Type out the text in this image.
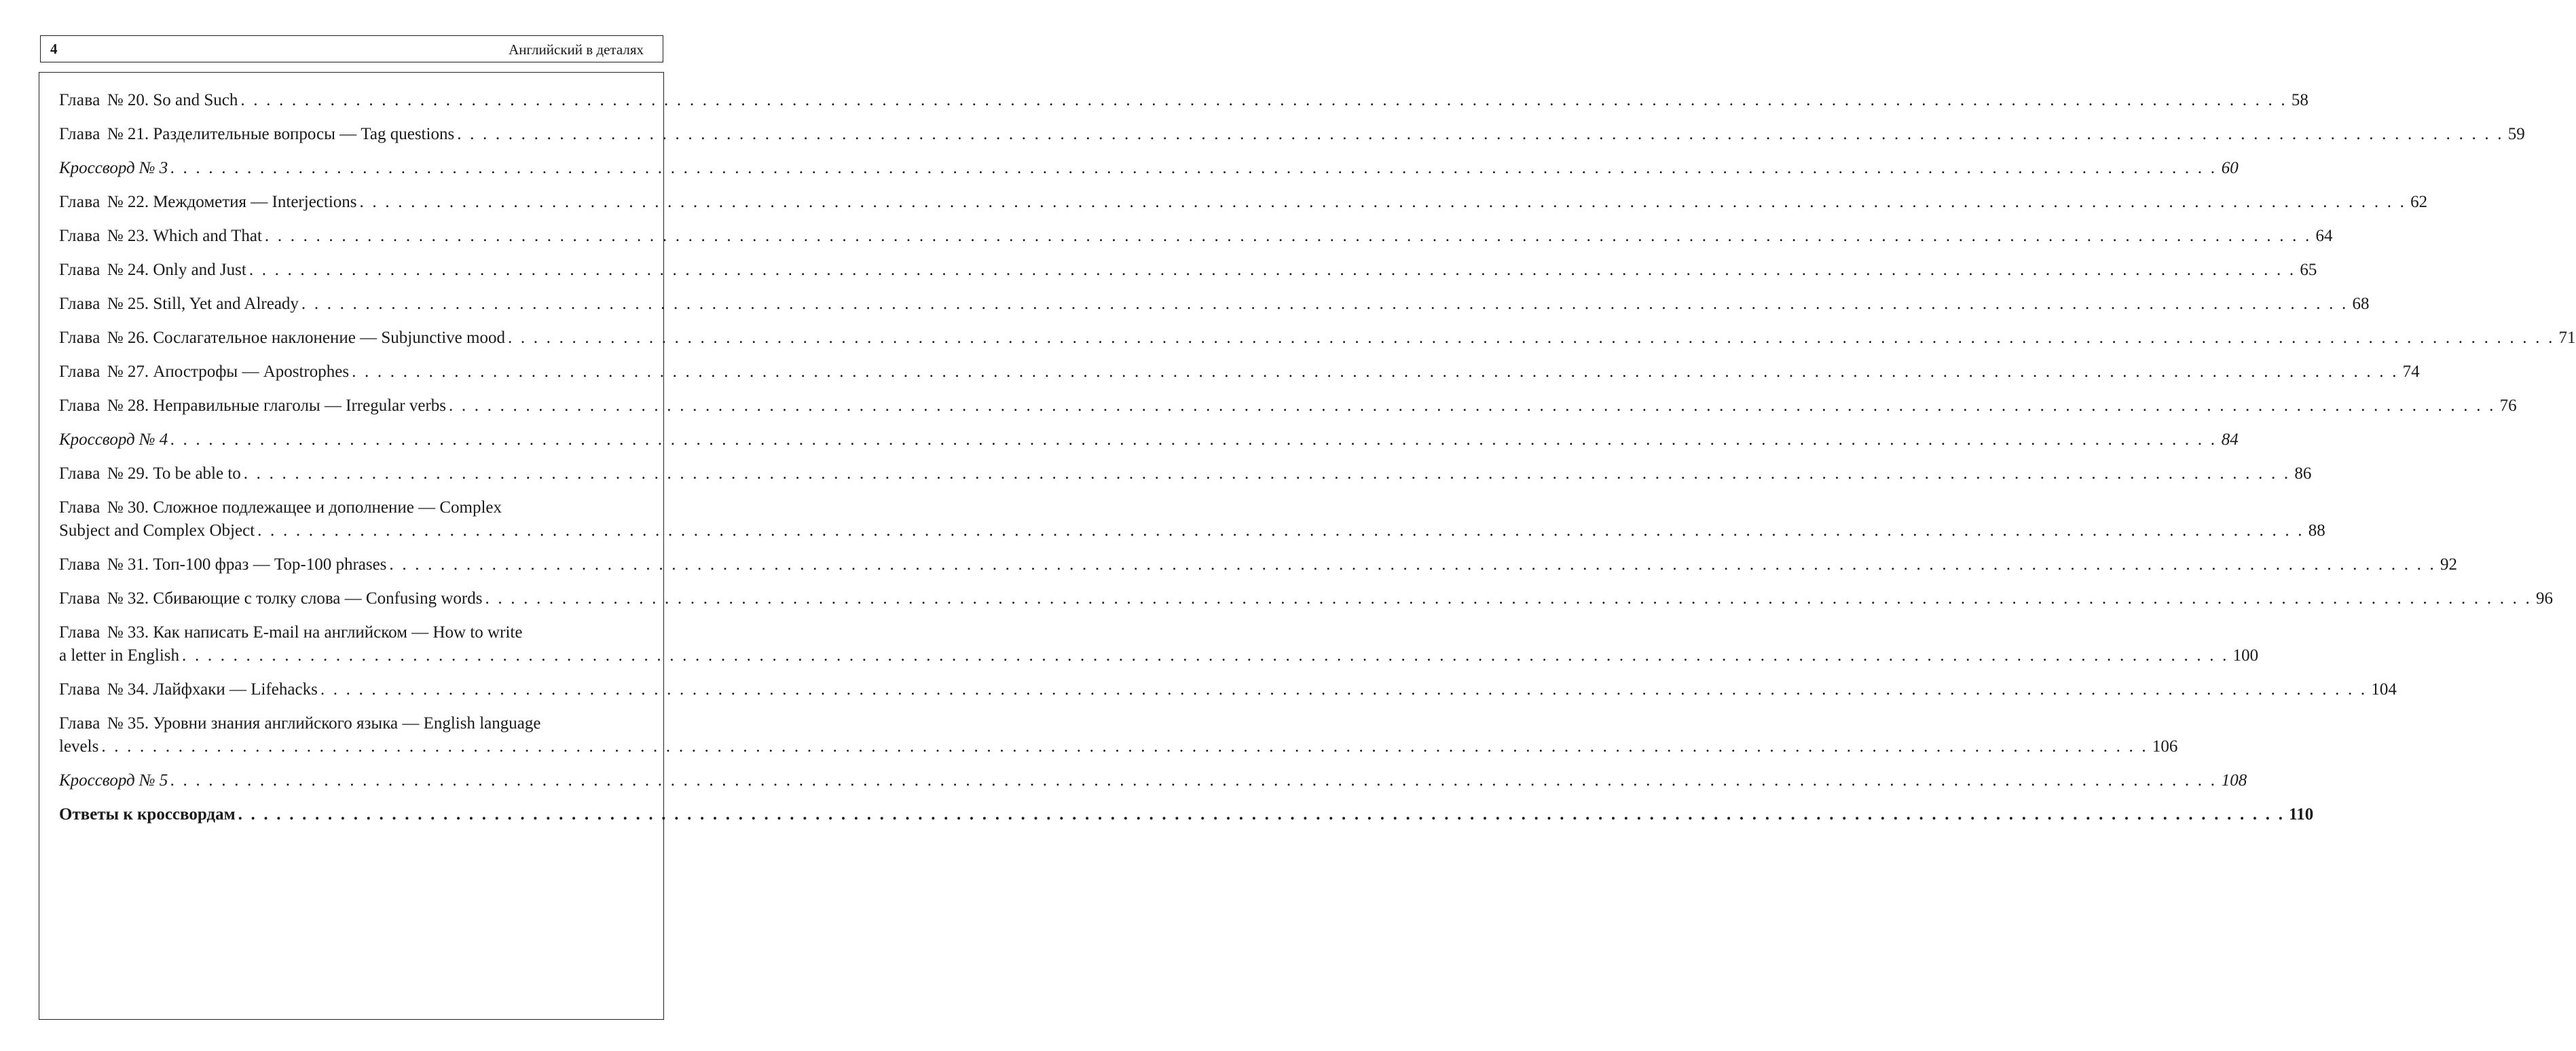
4	Английский в деталях
Глава № 20. So and Such . . . . . . . . . . . . . . . . . . . . . . . . . . . . . . . . . . . . . . . . . . . . . . . . . . . . . . . . . . . . . . . . . . . . . . . . . . . . . . . . . . . . . . . . . . . . . . . . . . . . . . . . . . . . . . . . . . . . . . . . . . . . . . . . . . . . . . . . . . . . . . . . . . . . . . . . . . . . . . . . 58
Глава № 21. Разделительные вопросы — Tag questions . . . . . . . . . . . . . . . . . . . . . . . . . . . . . . . . . . . . . . . . . . . . . . . . . . . . . . . . . . . . . . . . . . . . . . . . . . . . . . . . . . . . . . . . . . . . . . . . . . . . . . . . . . . . . . . . . . . . . . . . . . . . . . . . . . . . . . . . . . . . . . . . . . . . . . . . . . . . . . . . 59
Кроссворд № 3 . . . . . . . . . . . . . . . . . . . . . . . . . . . . . . . . . . . . . . . . . . . . . . . . . . . . . . . . . . . . . . . . . . . . . . . . . . . . . . . . . . . . . . . . . . . . . . . . . . . . . . . . . . . . . . . . . . . . . . . . . . . . . . . . . . . . . . . . . . . . . . . . . . . . . . . . . . . . . . . . 60
Глава № 22. Междометия — Interjections . . . . . . . . . . . . . . . . . . . . . . . . . . . . . . . . . . . . . . . . . . . . . . . . . . . . . . . . . . . . . . . . . . . . . . . . . . . . . . . . . . . . . . . . . . . . . . . . . . . . . . . . . . . . . . . . . . . . . . . . . . . . . . . . . . . . . . . . . . . . . . . . . . . . . . . . . . . . . . . . 62
Глава № 23. Which and That . . . . . . . . . . . . . . . . . . . . . . . . . . . . . . . . . . . . . . . . . . . . . . . . . . . . . . . . . . . . . . . . . . . . . . . . . . . . . . . . . . . . . . . . . . . . . . . . . . . . . . . . . . . . . . . . . . . . . . . . . . . . . . . . . . . . . . . . . . . . . . . . . . . . . . . . . . . . . . . . 64
Глава № 24. Only and Just . . . . . . . . . . . . . . . . . . . . . . . . . . . . . . . . . . . . . . . . . . . . . . . . . . . . . . . . . . . . . . . . . . . . . . . . . . . . . . . . . . . . . . . . . . . . . . . . . . . . . . . . . . . . . . . . . . . . . . . . . . . . . . . . . . . . . . . . . . . . . . . . . . . . . . . . . . . . . . . . 65
Глава № 25. Still, Yet and Already . . . . . . . . . . . . . . . . . . . . . . . . . . . . . . . . . . . . . . . . . . . . . . . . . . . . . . . . . . . . . . . . . . . . . . . . . . . . . . . . . . . . . . . . . . . . . . . . . . . . . . . . . . . . . . . . . . . . . . . . . . . . . . . . . . . . . . . . . . . . . . . . . . . . . . . . . . . . . . . . 68
Глава № 26. Сослагательное наклонение — Subjunctive mood . . . . . . . . . . . . . . . . . . . . . . . . . . . . . . . . . . . . . . . . . . . . . . . . . . . . . . . . . . . . . . . . . . . . . . . . . . . . . . . . . . . . . . . . . . . . . . . . . . . . . . . . . . . . . . . . . . . . . . . . . . . . . . . . . . . . . . . . . . . . . . . . . . . . . . . . . . . . . . . . 71
Глава № 27. Апострофы — Apostrophes . . . . . . . . . . . . . . . . . . . . . . . . . . . . . . . . . . . . . . . . . . . . . . . . . . . . . . . . . . . . . . . . . . . . . . . . . . . . . . . . . . . . . . . . . . . . . . . . . . . . . . . . . . . . . . . . . . . . . . . . . . . . . . . . . . . . . . . . . . . . . . . . . . . . . . . . . . . . . . . . 74
Глава № 28. Неправильные глаголы — Irregular verbs . . . . . . . . . . . . . . . . . . . . . . . . . . . . . . . . . . . . . . . . . . . . . . . . . . . . . . . . . . . . . . . . . . . . . . . . . . . . . . . . . . . . . . . . . . . . . . . . . . . . . . . . . . . . . . . . . . . . . . . . . . . . . . . . . . . . . . . . . . . . . . . . . . . . . . . . . . . . . . . . 76
Кроссворд № 4 . . . . . . . . . . . . . . . . . . . . . . . . . . . . . . . . . . . . . . . . . . . . . . . . . . . . . . . . . . . . . . . . . . . . . . . . . . . . . . . . . . . . . . . . . . . . . . . . . . . . . . . . . . . . . . . . . . . . . . . . . . . . . . . . . . . . . . . . . . . . . . . . . . . . . . . . . . . . . . . . 84
Глава № 29. To be able to . . . . . . . . . . . . . . . . . . . . . . . . . . . . . . . . . . . . . . . . . . . . . . . . . . . . . . . . . . . . . . . . . . . . . . . . . . . . . . . . . . . . . . . . . . . . . . . . . . . . . . . . . . . . . . . . . . . . . . . . . . . . . . . . . . . . . . . . . . . . . . . . . . . . . . . . . . . . . . . . 86
Глава № 30. Сложное подлежащее и дополнение — Complex
Subject and Complex Object . . . . . . . . . . . . . . . . . . . . . . . . . . . . . . . . . . . . . . . . . . . . . . . . . . . . . . . . . . . . . . . . . . . . . . . . . . . . . . . . . . . . . . . . . . . . . . . . . . . . . . . . . . . . . . . . . . . . . . . . . . . . . . . . . . . . . . . . . . . . . . . . . . . . . . . . . . . . . . . . 88
Глава № 31. Топ-100 фраз — Top-100 phrases . . . . . . . . . . . . . . . . . . . . . . . . . . . . . . . . . . . . . . . . . . . . . . . . . . . . . . . . . . . . . . . . . . . . . . . . . . . . . . . . . . . . . . . . . . . . . . . . . . . . . . . . . . . . . . . . . . . . . . . . . . . . . . . . . . . . . . . . . . . . . . . . . . . . . . . . . . . . . . . . 92
Глава № 32. Сбивающие с толку слова — Confusing words . . . . . . . . . . . . . . . . . . . . . . . . . . . . . . . . . . . . . . . . . . . . . . . . . . . . . . . . . . . . . . . . . . . . . . . . . . . . . . . . . . . . . . . . . . . . . . . . . . . . . . . . . . . . . . . . . . . . . . . . . . . . . . . . . . . . . . . . . . . . . . . . . . . . . . . . . . . . . . . . 96
Глава № 33. Как написать E-mail на английском — How to write
a letter in English . . . . . . . . . . . . . . . . . . . . . . . . . . . . . . . . . . . . . . . . . . . . . . . . . . . . . . . . . . . . . . . . . . . . . . . . . . . . . . . . . . . . . . . . . . . . . . . . . . . . . . . . . . . . . . . . . . . . . . . . . . . . . . . . . . . . . . . . . . . . . . . . . . . . . . . . . . . . . . . . 100
Глава № 34. Лайфхаки — Lifehacks . . . . . . . . . . . . . . . . . . . . . . . . . . . . . . . . . . . . . . . . . . . . . . . . . . . . . . . . . . . . . . . . . . . . . . . . . . . . . . . . . . . . . . . . . . . . . . . . . . . . . . . . . . . . . . . . . . . . . . . . . . . . . . . . . . . . . . . . . . . . . . . . . . . . . . . . . . . . . . . . 104
Глава № 35. Уровни знания английского языка — English language
levels . . . . . . . . . . . . . . . . . . . . . . . . . . . . . . . . . . . . . . . . . . . . . . . . . . . . . . . . . . . . . . . . . . . . . . . . . . . . . . . . . . . . . . . . . . . . . . . . . . . . . . . . . . . . . . . . . . . . . . . . . . . . . . . . . . . . . . . . . . . . . . . . . . . . . . . . . . . . . . . . 106
Кроссворд № 5 . . . . . . . . . . . . . . . . . . . . . . . . . . . . . . . . . . . . . . . . . . . . . . . . . . . . . . . . . . . . . . . . . . . . . . . . . . . . . . . . . . . . . . . . . . . . . . . . . . . . . . . . . . . . . . . . . . . . . . . . . . . . . . . . . . . . . . . . . . . . . . . . . . . . . . . . . . . . . . . . 108
Ответы к кроссвордам . . . . . . . . . . . . . . . . . . . . . . . . . . . . . . . . . . . . . . . . . . . . . . . . . . . . . . . . . . . . . . . . . . . . . . . . . . . . . . . . . . . . . . . . . . . . . . . . . . . . . . . . . . . . . . . . . . . . . . . . . . . . . . . . . . . . . . . . . . . . . . . . . . . . . . . . . . . . . . . . 110
